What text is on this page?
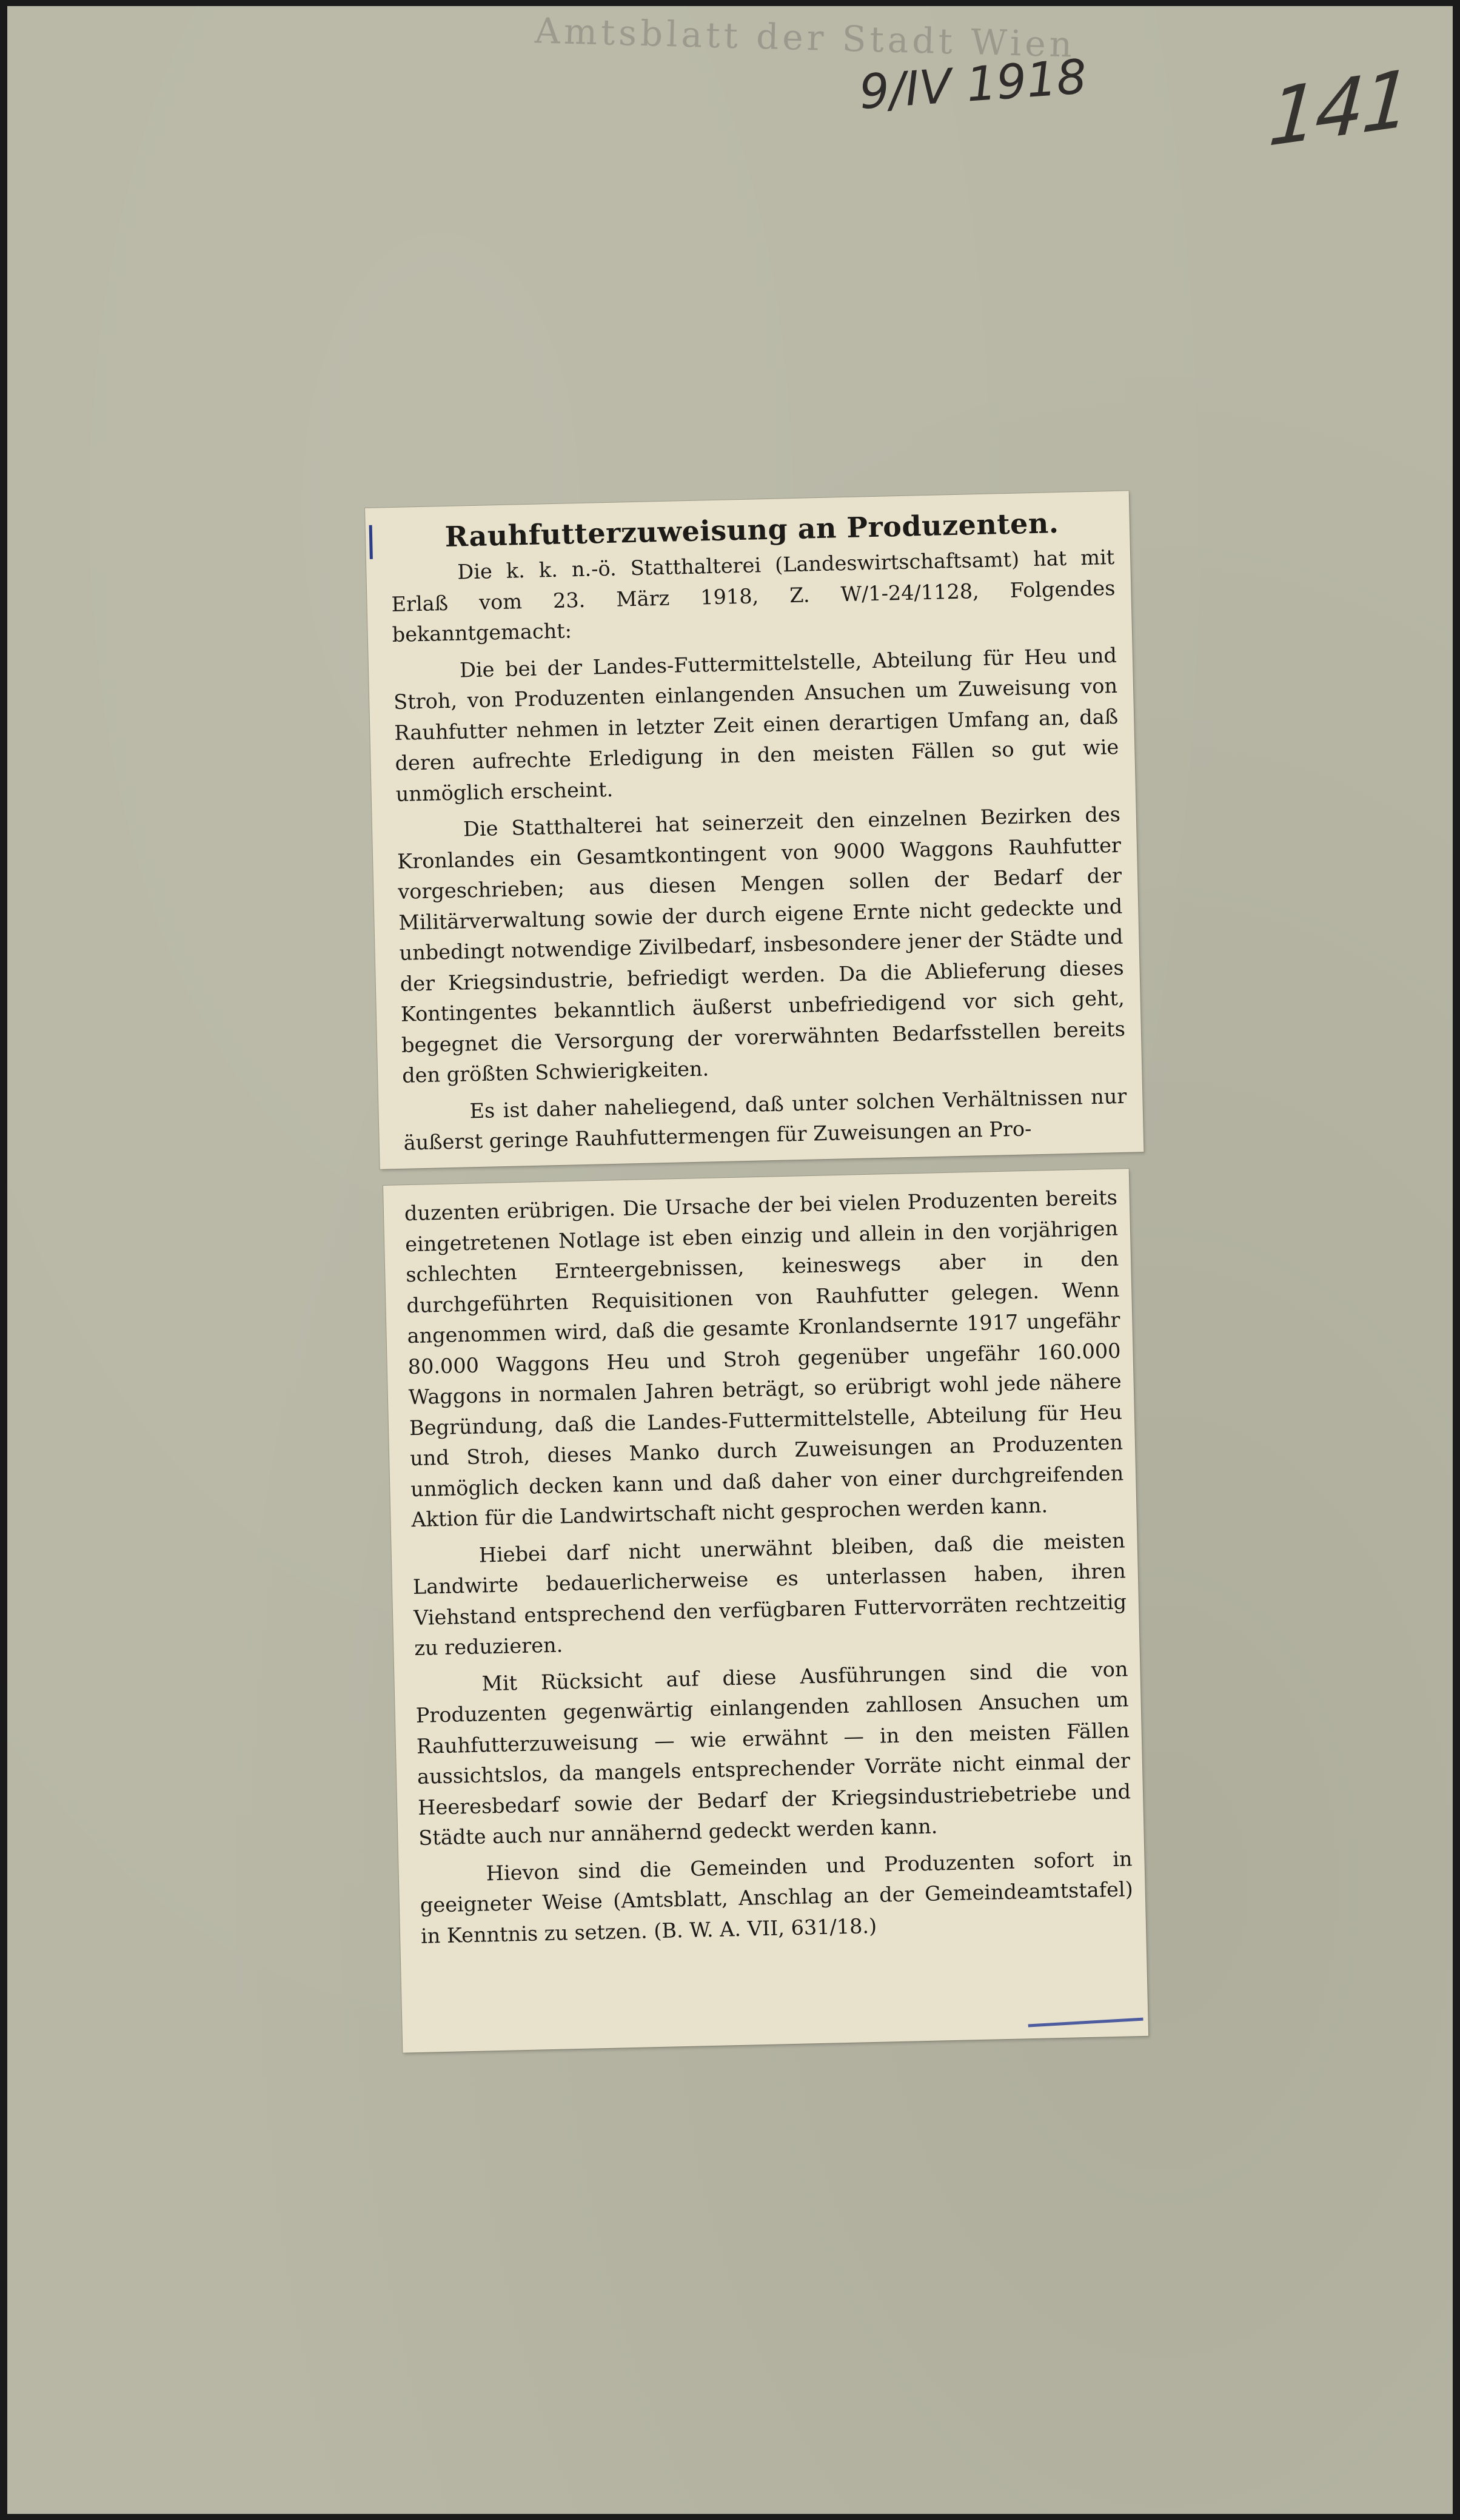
Amtsblatt der Stadt Wien
9/IV 1918 141
Rauhfutterzuweisung an Produzenten.

Die k. k. n.-ö. Statthalterei (Landeswirtschaftsamt) hat mit Erlaß vom 23. März 1918, Z. W/1-24/1128, Folgendes bekanntgemacht:

Die bei der Landes-Futtermittelstelle, Abteilung für Heu und Stroh, von Produzenten einlangenden Ansuchen um Zuweisung von Rauhfutter nehmen in letzter Zeit einen derartigen Umfang an, daß deren aufrechte Erledigung in den meisten Fällen so gut wie unmöglich erscheint.

Die Statthalterei hat seinerzeit den einzelnen Bezirken des Kronlandes ein Gesamtkontingent von 9000 Waggons Rauhfutter vorgeschrieben; aus diesen Mengen sollen der Bedarf der Militärverwaltung sowie der durch eigene Ernte nicht gedeckte und unbedingt notwendige Zivilbedarf, insbesondere jener der Städte und der Kriegsindustrie, befriedigt werden. Da die Ablieferung dieses Kontingentes bekanntlich äußerst unbefriedigend vor sich geht, begegnet die Versorgung der vorerwähnten Bedarfsstellen bereits den größten Schwierigkeiten.

Es ist daher naheliegend, daß unter solchen Verhältnissen nur äußerst geringe Rauhfuttermengen für Zuweisungen an Pro-

duzenten erübrigen. Die Ursache der bei vielen Produzenten bereits eingetretenen Notlage ist eben einzig und allein in den vorjährigen schlechten Ernteergebnissen, keineswegs aber in den durchgeführten Requisitionen von Rauhfutter gelegen. Wenn angenommen wird, daß die gesamte Kronlandsernte 1917 ungefähr 80.000 Waggons Heu und Stroh gegenüber ungefähr 160.000 Waggons in normalen Jahren beträgt, so erübrigt wohl jede nähere Begründung, daß die Landes-Futtermittelstelle, Abteilung für Heu und Stroh, dieses Manko durch Zuweisungen an Produzenten unmöglich decken kann und daß daher von einer durchgreifenden Aktion für die Landwirtschaft nicht gesprochen werden kann.

Hiebei darf nicht unerwähnt bleiben, daß die meisten Landwirte bedauerlicherweise es unterlassen haben, ihren Viehstand entsprechend den verfügbaren Futtervorräten rechtzeitig zu reduzieren.

Mit Rücksicht auf diese Ausführungen sind die von Produzenten gegenwärtig einlangenden zahllosen Ansuchen um Rauhfutterzuweisung — wie erwähnt — in den meisten Fällen aussichtslos, da mangels entsprechender Vorräte nicht einmal der Heeresbedarf sowie der Bedarf der Kriegsindustriebetriebe und Städte auch nur annähernd gedeckt werden kann.

Hievon sind die Gemeinden und Produzenten sofort in geeigneter Weise (Amtsblatt, Anschlag an der Gemeindeamtstafel) in Kenntnis zu setzen. (B. W. A. VII, 631/18.)
